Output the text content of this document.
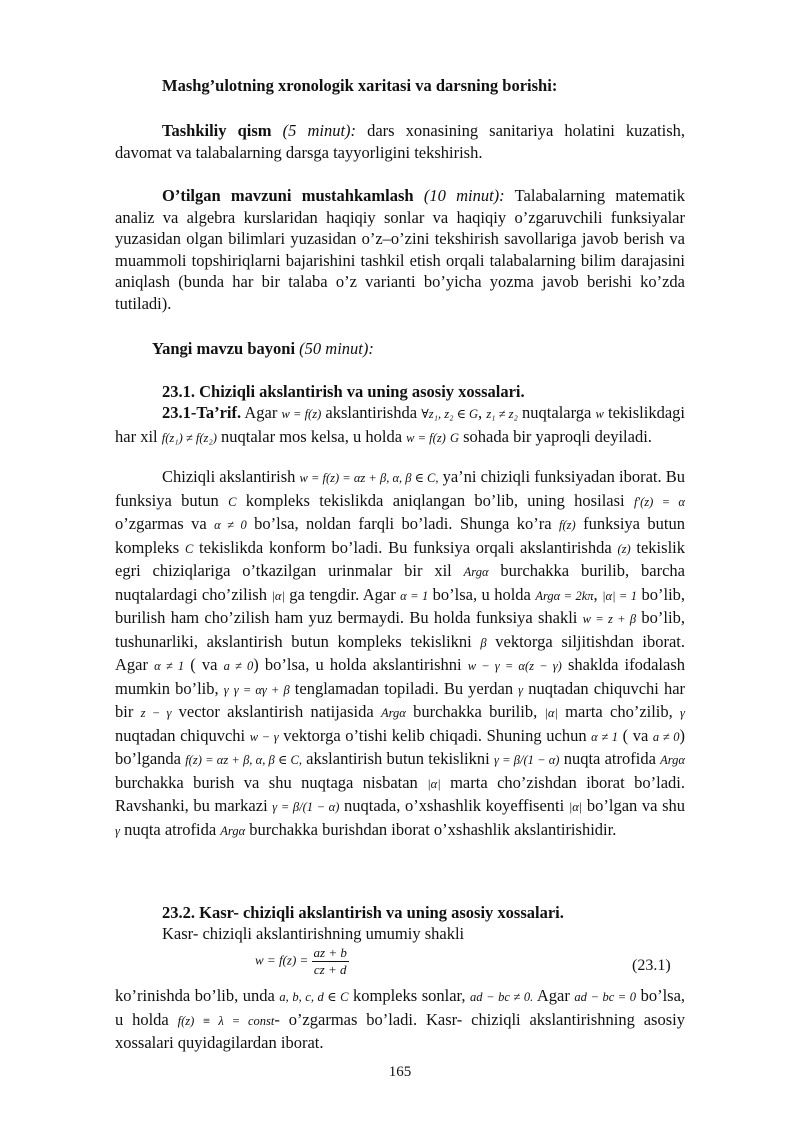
Mashg’ulotning xronologik xaritasi va darsning borishi:
Tashkiliy qism (5 minut): dars xonasining sanitariya holatini kuzatish, davomat va talabalarning darsga tayyorligini tekshirish.
O’tilgan mavzuni mustahkamlash (10 minut): Talabalarning matematik analiz va algebra kurslaridan haqiqiy sonlar va haqiqiy o’zgaruvchili funksiyalar yuzasidan olgan bilimlari yuzasidan o’z–o’zini tekshirish savollariga javob berish va muammoli topshiriqlarni bajarishini tashkil etish orqali talabalarning bilim darajasini aniqlash (bunda har bir talaba o’z varianti bo’yicha yozma javob berishi ko’zda tutiladi).
Yangi mavzu bayoni (50 minut):
23.1. Chiziqli akslantirish va uning asosiy xossalari.
23.1-Ta’rif. Agar w = f(z) akslantirishda ∀z₁, z₂ ∈ G, z₁ ≠ z₂ nuqtalarga w tekislikdagi har xil f(z₁) ≠ f(z₂) nuqtalar mos kelsa, u holda w = f(z) G sohada bir yaproqli deyiladi.
Chiziqli akslantirish w = f(z) = αz + β, α, β ∈ C, ya’ni chiziqli funksiyadan iborat. Bu funksiya butun C kompleks tekislikda aniqlangan bo’lib, uning hosilasi f′(z) = α o’zgarmas va α ≠ 0 bo’lsa, noldan farqli bo’ladi. Shunga ko’ra f(z) funksiya butun kompleks C tekislikda konform bo’ladi. Bu funksiya orqali akslantirishda (z) tekislik egri chiziqlariga o’tkazilgan urinmalar bir xil Argα burchakka burilib, barcha nuqtalardagi cho’zilish |α| ga tengdir. Agar α = 1 bo’lsa, u holda Argα = 2kπ, |α| = 1 bo’lib, burilish ham cho’zilish ham yuz bermaydi. Bu holda funksiya shakli w = z + β bo’lib, tushunarliki, akslantirish butun kompleks tekislikni β vektorga siljitishdan iborat. Agar α ≠ 1 ( va a ≠ 0) bo’lsa, u holda akslantirishni w − γ = α(z − γ) shaklda ifodalash mumkin bo’lib, γ γ = αγ + β tenglamadan topiladi. Bu yerdan γ nuqtadan chiquvchi har bir z − γ vector akslantirish natijasida Argα burchakka burilib, |α| marta cho’zilib, γ nuqtadan chiquvchi w − γ vektorga o’tishi kelib chiqadi. Shuning uchun α ≠ 1 ( va a ≠ 0) bo’lganda f(z) = αz + β, α, β ∈ C, akslantirish butun tekislikni γ = β/(1 − α) nuqta atrofida Argα burchakka burish va shu nuqtaga nisbatan |α| marta cho’zishdan iborat bo’ladi. Ravshanki, bu markazi γ = β/(1 − α) nuqtada, o’xshashlik koyeffisenti |α| bo’lgan va shu γ nuqta atrofida Argα burchakka burishdan iborat o’xshashlik akslantirishidir.
23.2. Kasr- chiziqli akslantirish va uning asosiy xossalari.
Kasr- chiziqli akslantirishning umumiy shakli
$w = f(z) = \frac{az + b}{cz + d}$	(23.1)
ko’rinishda bo’lib, unda a, b, c, d ∈ C kompleks sonlar, ad − bc ≠ 0. Agar ad − bc = 0 bo’lsa, u holda f(z) ≡ λ = const- o’zgarmas bo’ladi. Kasr- chiziqli akslantirishning asosiy xossalari quyidagilardan iborat.
165
